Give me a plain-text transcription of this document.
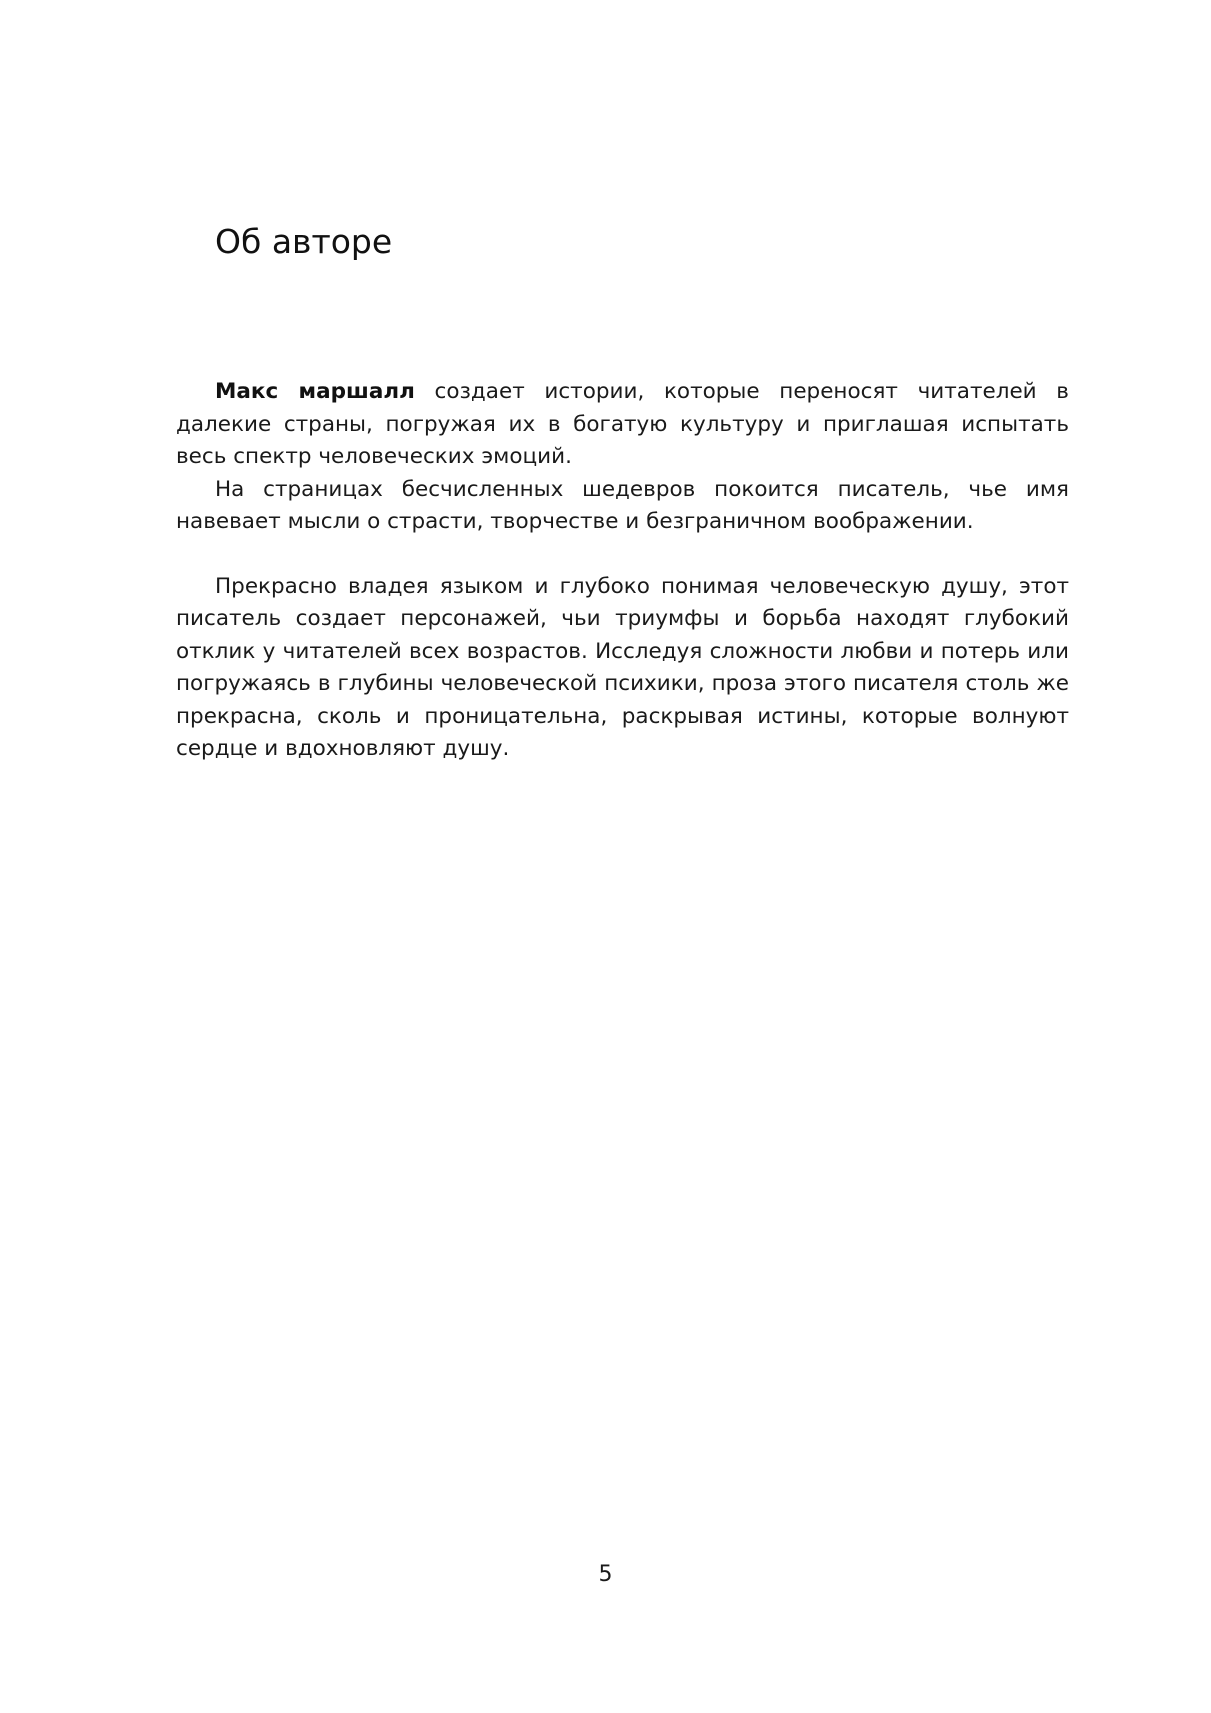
Об авторе

Макс маршалл создает истории, которые переносят читателей в далекие страны, погружая их в богатую культуру и приглашая испытать весь спектр человеческих эмоций.

На страницах бесчисленных шедевров покоится писатель, чье имя навевает мысли о страсти, творчестве и безграничном воображении.

Прекрасно владея языком и глубоко понимая человеческую душу, этот писатель создает персонажей, чьи триумфы и борьба находят глубокий отклик у читателей всех возрастов. Исследуя сложности любви и потерь или погружаясь в глубины человеческой психики, проза этого писателя столь же прекрасна, сколь и проницательна, раскрывая истины, которые волнуют сердце и вдохновляют душу.

5
